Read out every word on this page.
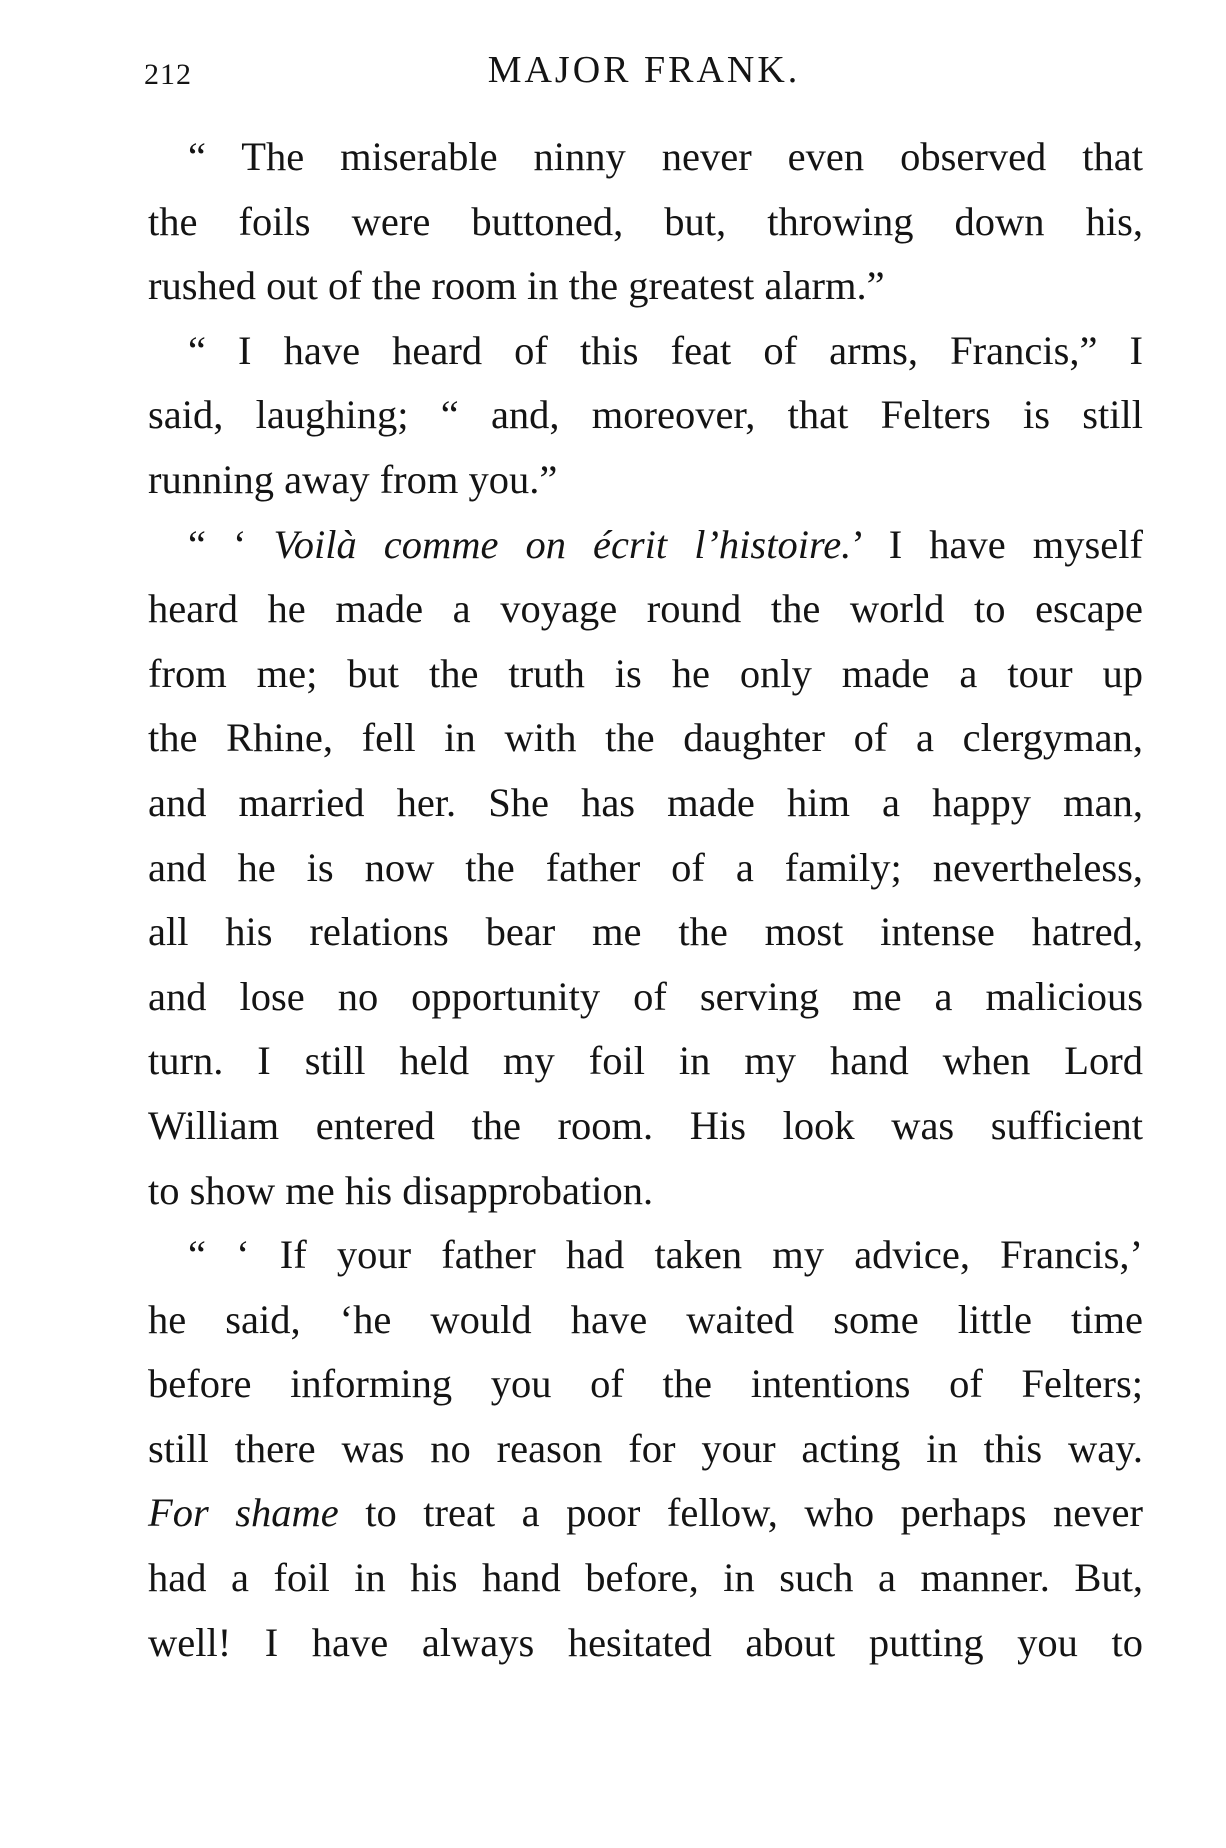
212	MAJOR FRANK.
“ The miserable ninny never even observed that
the foils were buttoned, but, throwing down his,
rushed out of the room in the greatest alarm.”
“ I have heard of this feat of arms, Francis,” I
said, laughing; “ and, moreover, that Felters is still
running away from you.”
“ ‘ Voilà comme on écrit l’histoire.’ I have myself
heard he made a voyage round the world to escape
from me; but the truth is he only made a tour up
the Rhine, fell in with the daughter of a clergyman,
and married her. She has made him a happy man,
and he is now the father of a family; nevertheless,
all his relations bear me the most intense hatred,
and lose no opportunity of serving me a malicious
turn. I still held my foil in my hand when Lord
William entered the room. His look was sufficient
to show me his disapprobation.
“ ‘ If your father had taken my advice, Francis,’
he said, ‘he would have waited some little time
before informing you of the intentions of Felters;
still there was no reason for your acting in this way.
For shame to treat a poor fellow, who perhaps never
had a foil in his hand before, in such a manner. But,
well! I have always hesitated about putting you to
